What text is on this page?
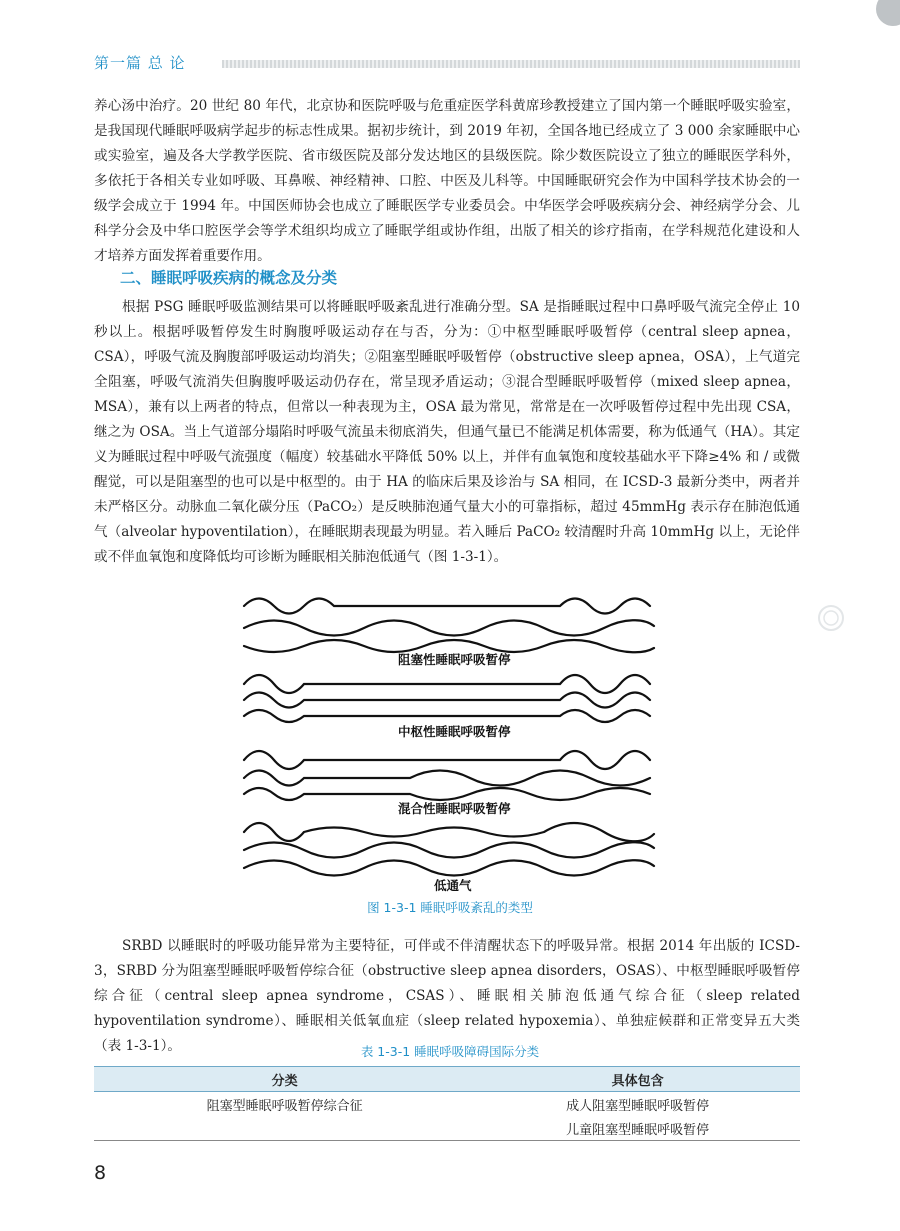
第一篇 总 论

养心汤中治疗。20 世纪 80 年代，北京协和医院呼吸与危重症医学科黄席珍教授建立了国内第一个睡眠呼吸实验室，是我国现代睡眠呼吸病学起步的标志性成果。据初步统计，到 2019 年初，全国各地已经成立了 3 000 余家睡眠中心或实验室，遍及各大学教学医院、省市级医院及部分发达地区的县级医院。除少数医院设立了独立的睡眠医学科外，多依托于各相关专业如呼吸、耳鼻喉、神经精神、口腔、中医及儿科等。中国睡眠研究会作为中国科学技术协会的一级学会成立于 1994 年。中国医师协会也成立了睡眠医学专业委员会。中华医学会呼吸疾病分会、神经病学分会、儿科学分会及中华口腔医学会等学术组织均成立了睡眠学组或协作组，出版了相关的诊疗指南，在学科规范化建设和人才培养方面发挥着重要作用。

二、睡眠呼吸疾病的概念及分类

根据 PSG 睡眠呼吸监测结果可以将睡眠呼吸紊乱进行准确分型。SA 是指睡眠过程中口鼻呼吸气流完全停止 10 秒以上。根据呼吸暂停发生时胸腹呼吸运动存在与否，分为：①中枢型睡眠呼吸暂停（central sleep apnea，CSA），呼吸气流及胸腹部呼吸运动均消失；②阻塞型睡眠呼吸暂停（obstructive sleep apnea，OSA），上气道完全阻塞，呼吸气流消失但胸腹呼吸运动仍存在，常呈现矛盾运动；③混合型睡眠呼吸暂停（mixed sleep apnea，MSA），兼有以上两者的特点，但常以一种表现为主，OSA 最为常见，常常是在一次呼吸暂停过程中先出现 CSA，继之为 OSA。当上气道部分塌陷时呼吸气流虽未彻底消失，但通气量已不能满足机体需要，称为低通气（HA）。其定义为睡眠过程中呼吸气流强度（幅度）较基础水平降低 50% 以上，并伴有血氧饱和度较基础水平下降≥4% 和 / 或微醒觉，可以是阻塞型的也可以是中枢型的。由于 HA 的临床后果及诊治与 SA 相同，在 ICSD-3 最新分类中，两者并未严格区分。动脉血二氧化碳分压（PaCO₂）是反映肺泡通气量大小的可靠指标，超过 45mmHg 表示存在肺泡低通气（alveolar hypoventilation），在睡眠期表现最为明显。若入睡后 PaCO₂ 较清醒时升高 10mmHg 以上，无论伴或不伴血氧饱和度降低均可诊断为睡眠相关肺泡低通气（图 1-3-1）。

阻塞性睡眠呼吸暂停
中枢性睡眠呼吸暂停
混合性睡眠呼吸暂停
低通气
图 1-3-1 睡眠呼吸紊乱的类型

SRBD 以睡眠时的呼吸功能异常为主要特征，可伴或不伴清醒状态下的呼吸异常。根据 2014 年出版的 ICSD-3，SRBD 分为阻塞型睡眠呼吸暂停综合征（obstructive sleep apnea disorders，OSAS）、中枢型睡眠呼吸暂停综合征（central sleep apnea syndrome，CSAS）、睡眠相关肺泡低通气综合征（sleep related hypoventilation syndrome）、睡眠相关低氧血症（sleep related hypoxemia）、单独症候群和正常变异五大类（表 1-3-1）。	表 1-3-1 睡眠呼吸障碍国际分类
分类	具体包含
阻塞型睡眠呼吸暂停综合征	成人阻塞型睡眠呼吸暂停
	儿童阻塞型睡眠呼吸暂停
8
